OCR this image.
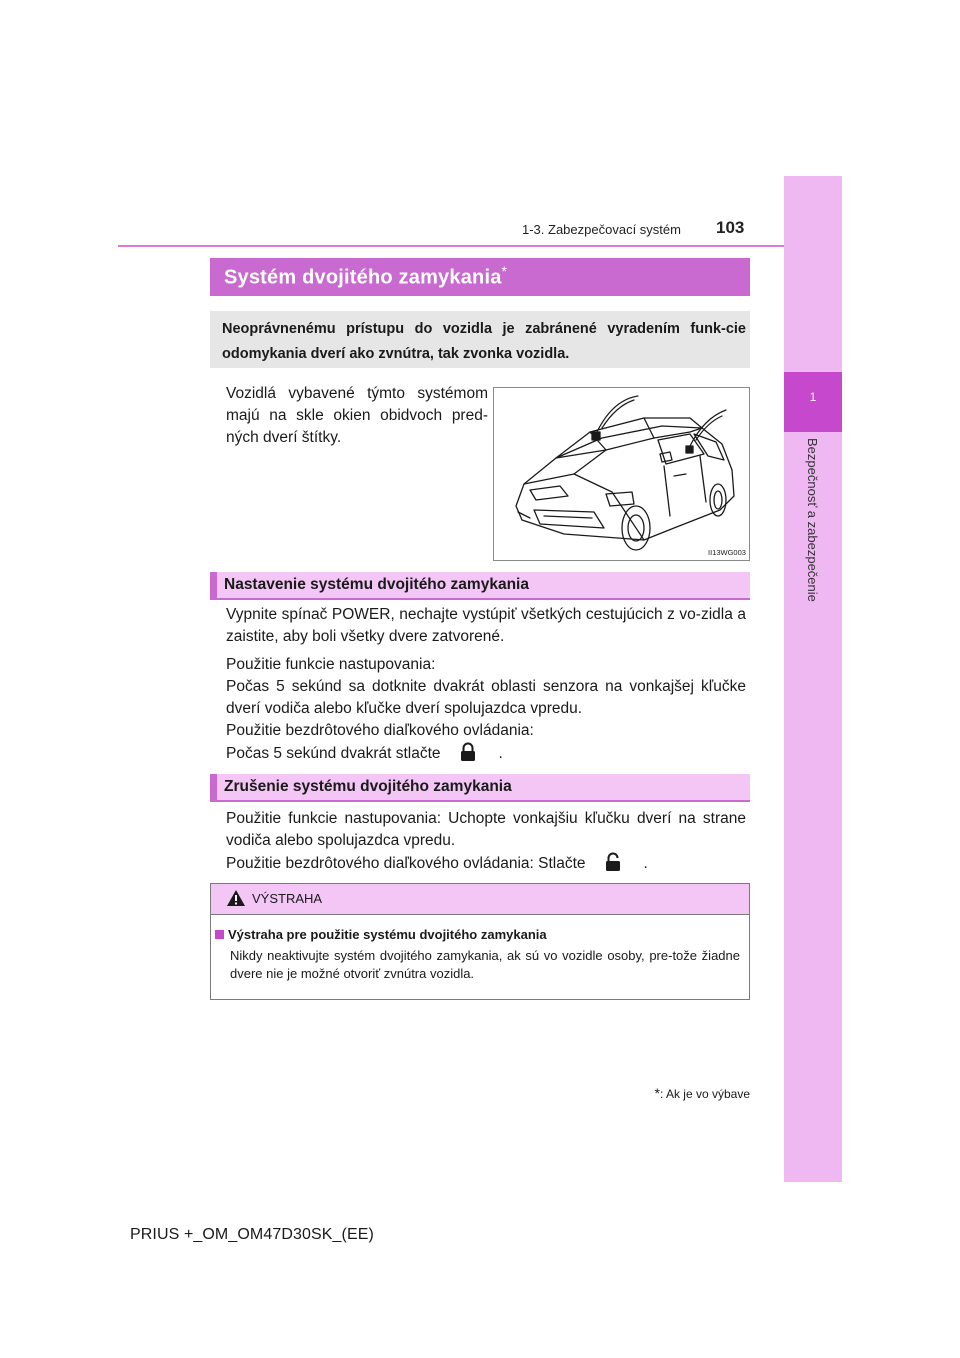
1
Bezpečnosť a zabezpečenie
1-3. Zabezpečovací systém 103
Systém dvojitého zamykania*
Neoprávnenému prístupu do vozidla je zabránené vyradením funk-cie odomykania dverí ako zvnútra, tak zvonka vozidla.
Vozidlá vybavené týmto systémom majú na skle okien obidvoch pred-ných dverí štítky.
II13WG003
Nastavenie systému dvojitého zamykania
Vypnite spínač POWER, nechajte vystúpiť všetkých cestujúcich z vo-zidla a zaistite, aby boli všetky dvere zatvorené.
Použitie funkcie nastupovania:
Počas 5 sekúnd sa dotknite dvakrát oblasti senzora na vonkajšej kľučke dverí vodiča alebo kľučke dverí spolujazdca vpredu.
Použitie bezdrôtového diaľkového ovládania:
Počas 5 sekúnd dvakrát stlačte	.
Zrušenie systému dvojitého zamykania
Použitie funkcie nastupovania: Uchopte vonkajšiu kľučku dverí na strane vodiča alebo spolujazdca vpredu.
Použitie bezdrôtového diaľkového ovládania: Stlačte	.
VÝSTRAHA
Výstraha pre použitie systému dvojitého zamykania
Nikdy neaktivujte systém dvojitého zamykania, ak sú vo vozidle osoby, pre-tože žiadne dvere nie je možné otvoriť zvnútra vozidla.
*: Ak je vo výbave
PRIUS +_OM_OM47D30SK_(EE)
